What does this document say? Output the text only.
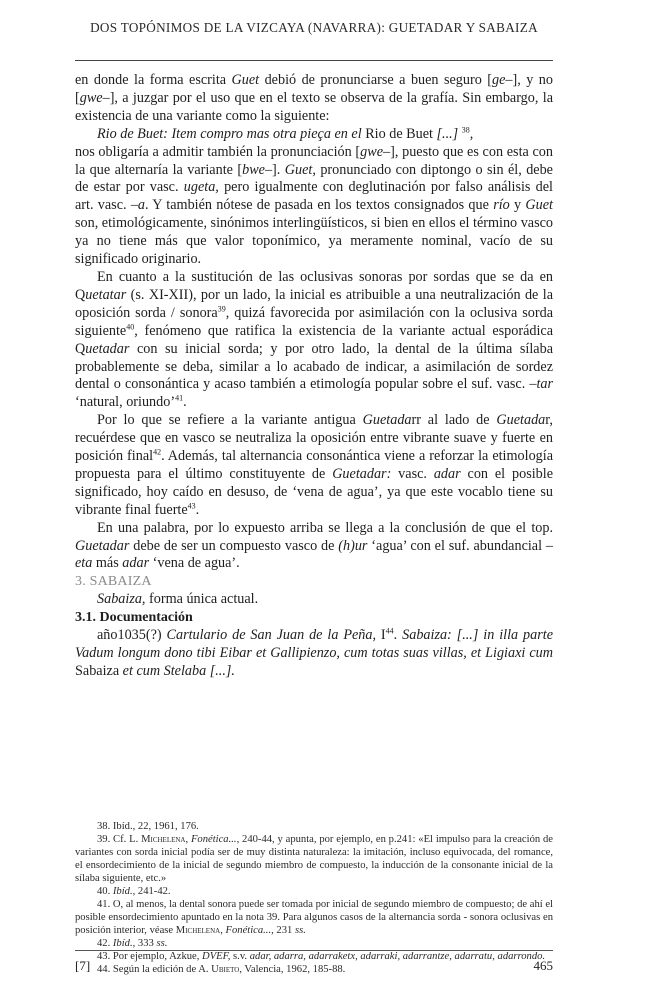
DOS TOPÓNIMOS DE LA VIZCAYA (NAVARRA): GUETADAR Y SABAIZA

en donde la forma escrita Guet debió de pronunciarse a buen seguro [ge–], y no [gwe–], a juzgar por el uso que en el texto se observa de la grafía. Sin embargo, la existencia de una variante como la siguiente:

Rio de Buet: Item compro mas otra pieça en el Rio de Buet [...] $^{38}$,

nos obligaría a admitir también la pronunciación [gwe–], puesto que es con esta con la que alternaría la variante [bwe–]. Guet, pronunciado con diptongo o sin él, debe de estar por vasc. ugeta, pero igualmente con deglutinación por falso análisis del art. vasc. –a. Y también nótese de pasada en los textos consignados que río y Guet son, etimológicamente, sinónimos interlingüísticos, si bien en ellos el término vasco ya no tiene más que valor toponímico, ya meramente nominal, vacío de su significado originario.

En cuanto a la sustitución de las oclusivas sonoras por sordas que se da en Quetatar (s. XI-XII), por un lado, la inicial es atribuible a una neutralización de la oposición sorda / sonora$^{39}$, quizá favorecida por asimilación con la oclusiva sorda siguiente$^{40}$, fenómeno que ratifica la existencia de la variante actual esporádica Quetadar con su inicial sorda; y por otro lado, la dental de la última sílaba probablemente se deba, similar a lo acabado de indicar, a asimilación de sordez dental o consonántica y acaso también a etimología popular sobre el suf. vasc. –tar ‘natural, oriundo’$^{41}$.

Por lo que se refiere a la variante antigua Guetadarr al lado de Guetadar, recuérdese que en vasco se neutraliza la oposición entre vibrante suave y fuerte en posición final$^{42}$. Además, tal alternancia consonántica viene a reforzar la etimología propuesta para el último constituyente de Guetadar: vasc. adar con el posible significado, hoy caído en desuso, de ‘vena de agua’, ya que este vocablo tiene su vibrante final fuerte$^{43}$.

En una palabra, por lo expuesto arriba se llega a la conclusión de que el top. Guetadar debe de ser un compuesto vasco de (h)ur ‘agua’ con el suf. abundancial –eta más adar ‘vena de agua’.

3. SABAIZA

Sabaiza, forma única actual.

3.1. Documentación

año1035(?) Cartulario de San Juan de la Peña, $I^{44}$. Sabaiza: [...] in illa parte Vadum longum dono tibi Eibar et Gallipienzo, cum totas suas villas, et Ligiaxi cum Sabaiza et cum Stelaba [...].

38. Ibíd., 22, 1961, 176.

39. Cf. L. Michelena, Fonética..., 240-44, y apunta, por ejemplo, en p.241: «El impulso para la creación de variantes con sorda inicial podía ser de muy distinta naturaleza: la imitación, incluso equivocada, del romance, el ensordecimiento de la inicial de segundo miembro de compuesto, la inducción de la consonante inicial de la sílaba siguiente, etc.»

40. Ibíd., 241-42.

41. O, al menos, la dental sonora puede ser tomada por inicial de segundo miembro de compuesto; de ahí el posible ensordecimiento apuntado en la nota 39. Para algunos casos de la alternancia sorda - sonora oclusivas en posición interior, véase Michelena, Fonética..., 231 ss.

42. Ibíd., 333 ss.

43. Por ejemplo, Azkue, DVEF, s.v. adar, adarra, adarraketx, adarraki, adarrantze, adarratu, adarrondo.

44. Según la edición de A. Ubieto, Valencia, 1962, 185-88.

[7]	465
